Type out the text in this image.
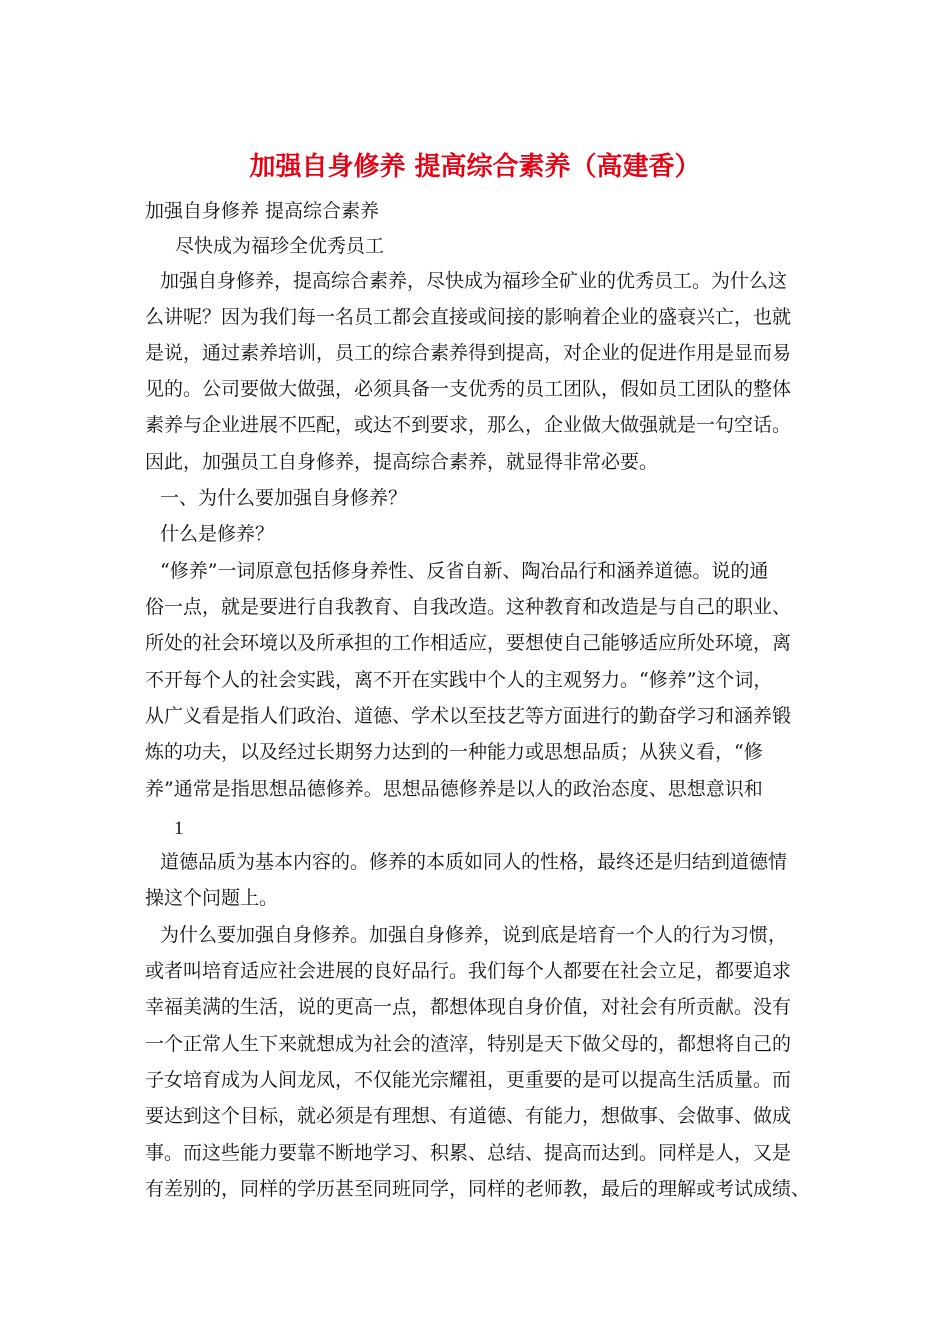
加强自身修养 提高综合素养（高建香）
加强自身修养 提高综合素养
尽快成为福珍全优秀员工
加强自身修养，提高综合素养，尽快成为福珍全矿业的优秀员工。为什么这
么讲呢？因为我们每一名员工都会直接或间接的影响着企业的盛衰兴亡，也就
是说，通过素养培训，员工的综合素养得到提高，对企业的促进作用是显而易
见的。公司要做大做强，必须具备一支优秀的员工团队，假如员工团队的整体
素养与企业进展不匹配，或达不到要求，那么，企业做大做强就是一句空话。
因此，加强员工自身修养，提高综合素养，就显得非常必要。
一、为什么要加强自身修养？
什么是修养？
“修养”一词原意包括修身养性、反省自新、陶冶品行和涵养道德。说的通
俗一点，就是要进行自我教育、自我改造。这种教育和改造是与自己的职业、
所处的社会环境以及所承担的工作相适应，要想使自己能够适应所处环境，离
不开每个人的社会实践，离不开在实践中个人的主观努力。“修养”这个词，
从广义看是指人们政治、道德、学术以至技艺等方面进行的勤奋学习和涵养锻
炼的功夫，以及经过长期努力达到的一种能力或思想品质；从狭义看，“修
养”通常是指思想品德修养。思想品德修养是以人的政治态度、思想意识和
1
道德品质为基本内容的。修养的本质如同人的性格，最终还是归结到道德情
操这个问题上。
为什么要加强自身修养。加强自身修养，说到底是培育一个人的行为习惯，
或者叫培育适应社会进展的良好品行。我们每个人都要在社会立足，都要追求
幸福美满的生活，说的更高一点，都想体现自身价值，对社会有所贡献。没有
一个正常人生下来就想成为社会的渣滓，特别是天下做父母的，都想将自己的
子女培育成为人间龙凤，不仅能光宗耀祖，更重要的是可以提高生活质量。而
要达到这个目标，就必须是有理想、有道德、有能力，想做事、会做事、做成
事。而这些能力要靠不断地学习、积累、总结、提高而达到。同样是人，又是
有差别的，同样的学历甚至同班同学，同样的老师教，最后的理解或考试成绩、
